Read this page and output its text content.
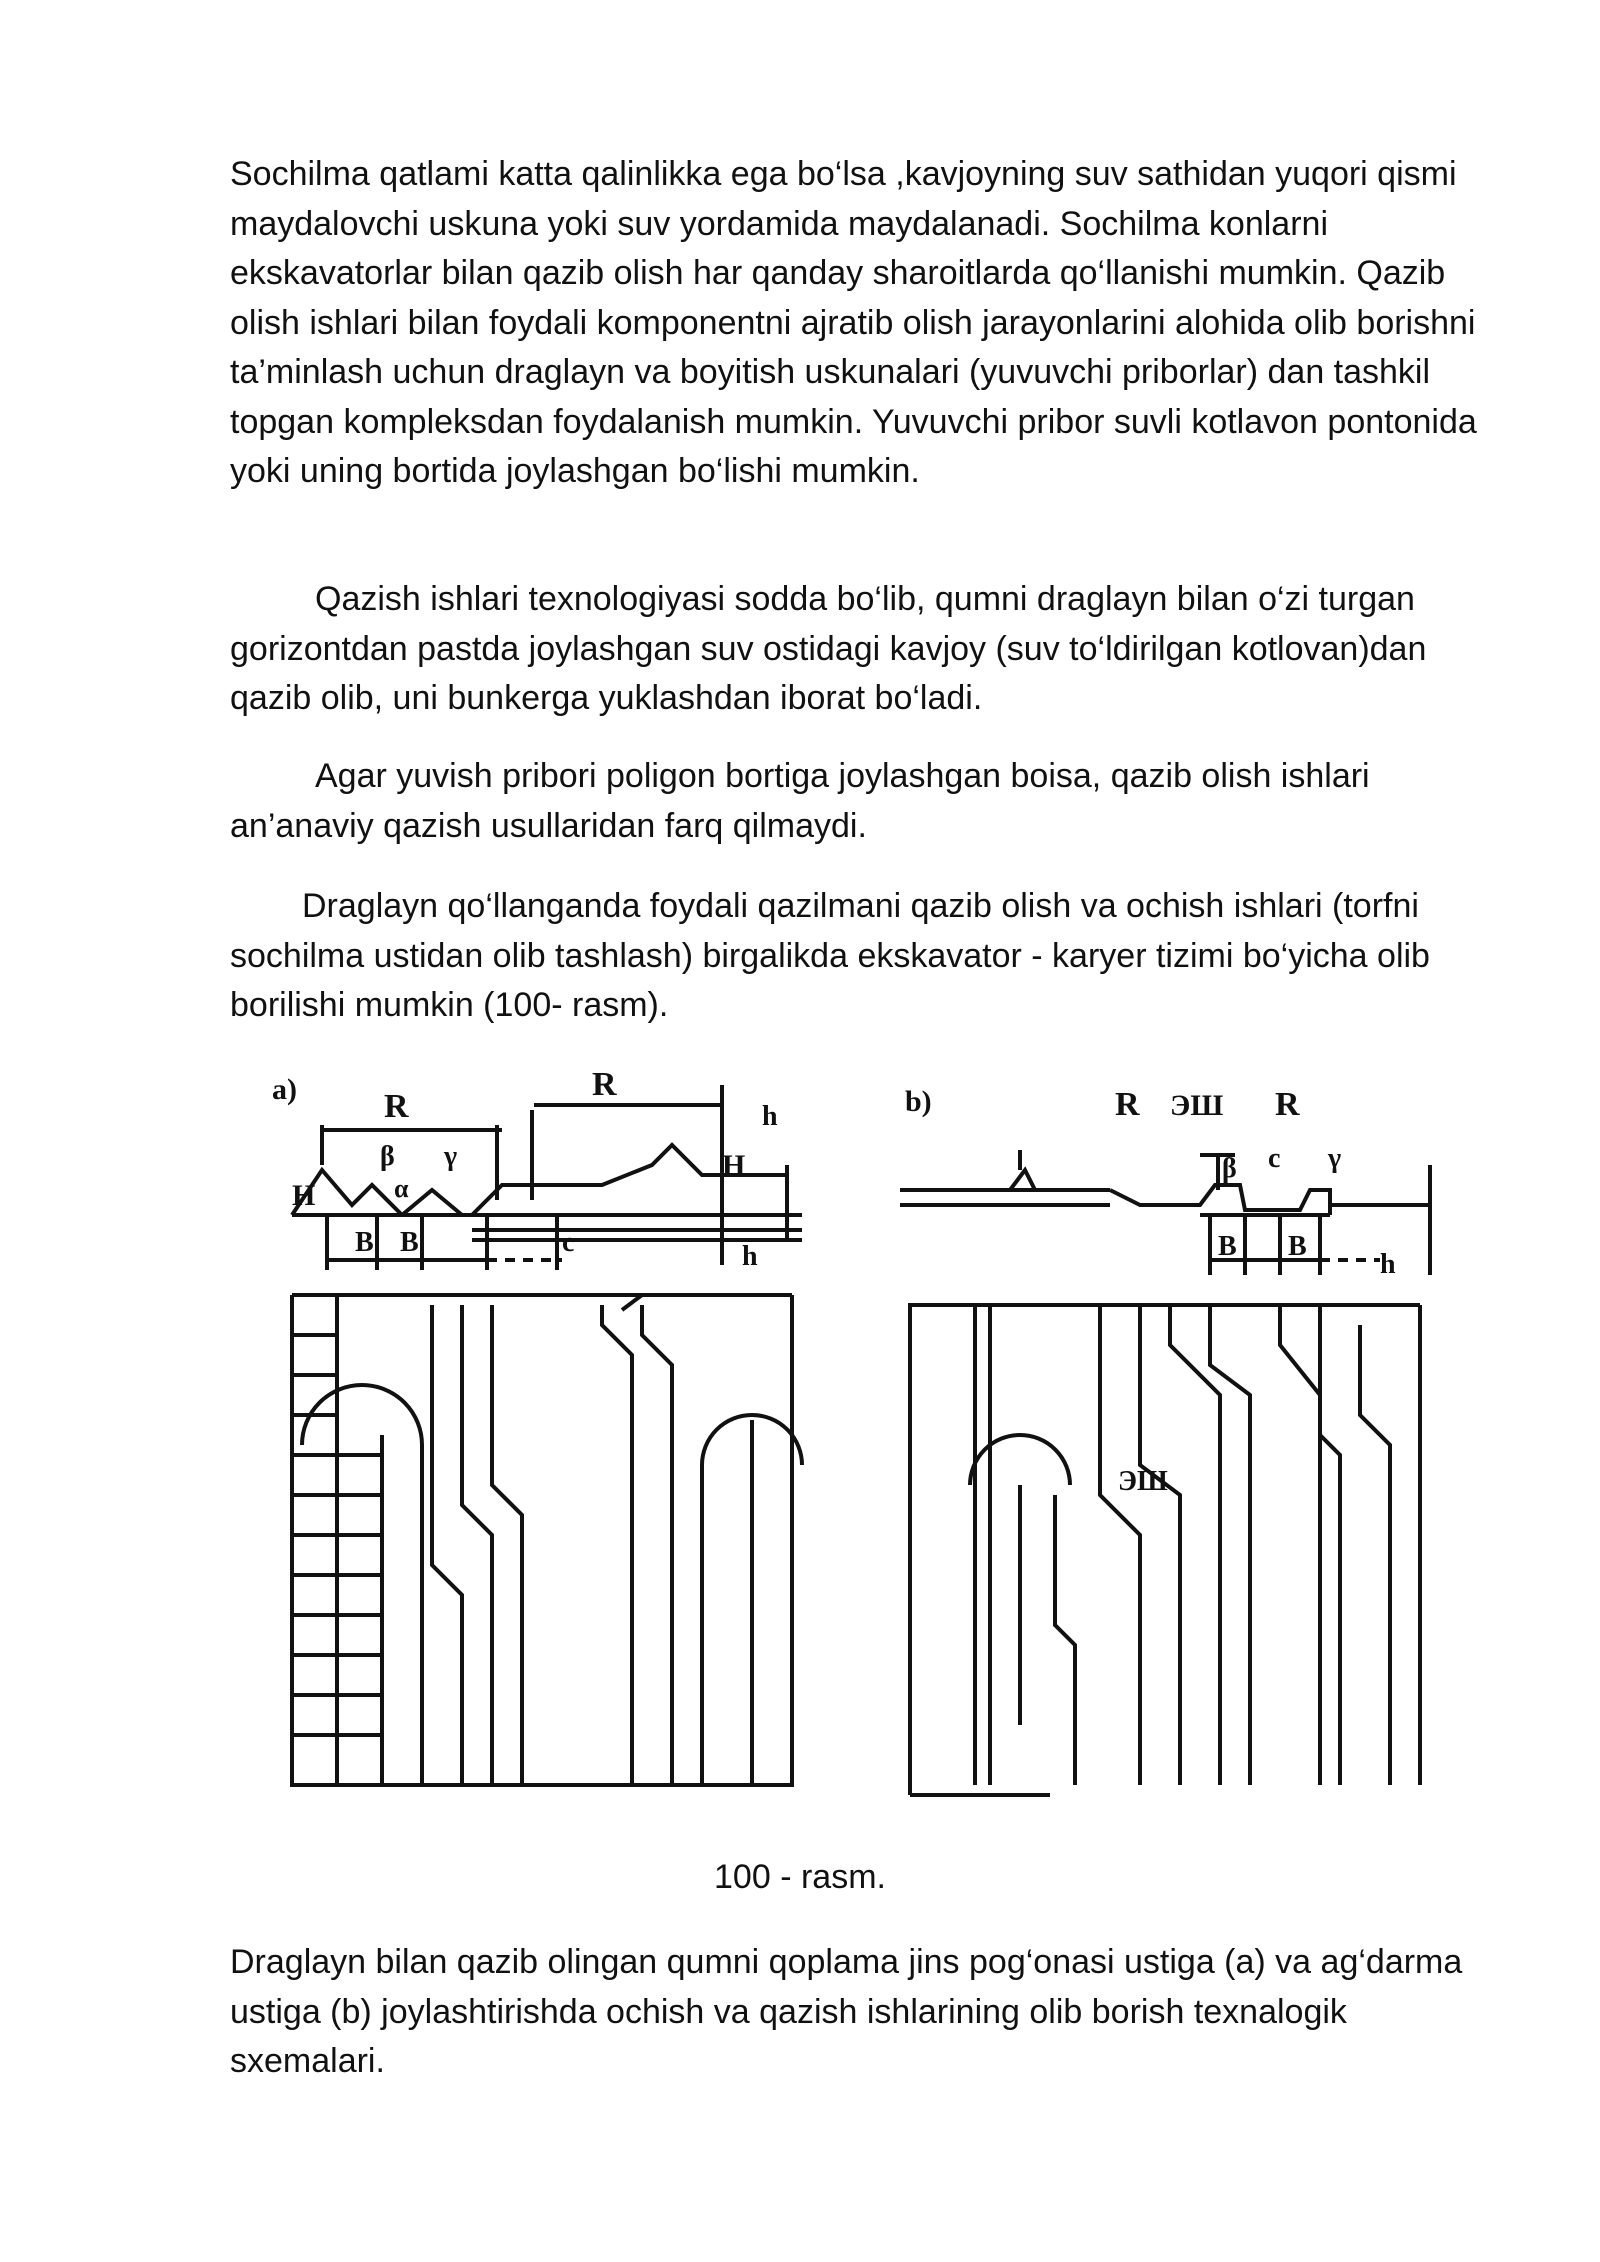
Sochilma qatlami katta qalinlikka ega bo‘lsa ,kavjoyning suv sathidan yuqori qismi maydalovchi uskuna yoki suv yordamida maydalanadi. Sochilma konlarni ekskavatorlar bilan qazib olish har qanday sharoitlarda qo‘llanishi mumkin. Qazib olish ishlari bilan foydali komponentni ajratib olish jarayonlarini alohida olib borishni ta’minlash uchun draglayn va boyitish uskunalari (yuvuvchi priborlar) dan tashkil topgan kompleksdan foydalanish mumkin. Yuvuvchi pribor suvli kotlavon pontonida yoki uning bortida joylashgan bo‘lishi mumkin.

Qazish ishlari texnologiyasi sodda bo‘lib, qumni draglayn bilan o‘zi turgan gorizontdan pastda joylashgan suv ostidagi kavjoy (suv to‘ldirilgan kotlovan)dan qazib olib, uni bunkerga yuklashdan iborat bo‘ladi.

Agar yuvish pribori poligon bortiga joylashgan boisa, qazib olish ishlari an’anaviy qazish usullaridan farq qilmaydi.

Draglayn qo‘llanganda foydali qazilmani qazib olish va ochish ishlari (torfni sochilma ustidan olib tashlash) birgalikda ekskavator - karyer tizimi bo‘yicha olib borilishi mumkin (100- rasm).

a)	R
R
β γ
α
H
H
h
B B	c	h
b)	R ЭШ R
β c γ
B B
h
ЭШ

100 - rasm.

Draglayn bilan qazib olingan qumni qoplama jins pog‘onasi ustiga (a) va ag‘darma ustiga (b) joylashtirishda ochish va qazish ishlarining olib borish texnalogik sxemalari.
